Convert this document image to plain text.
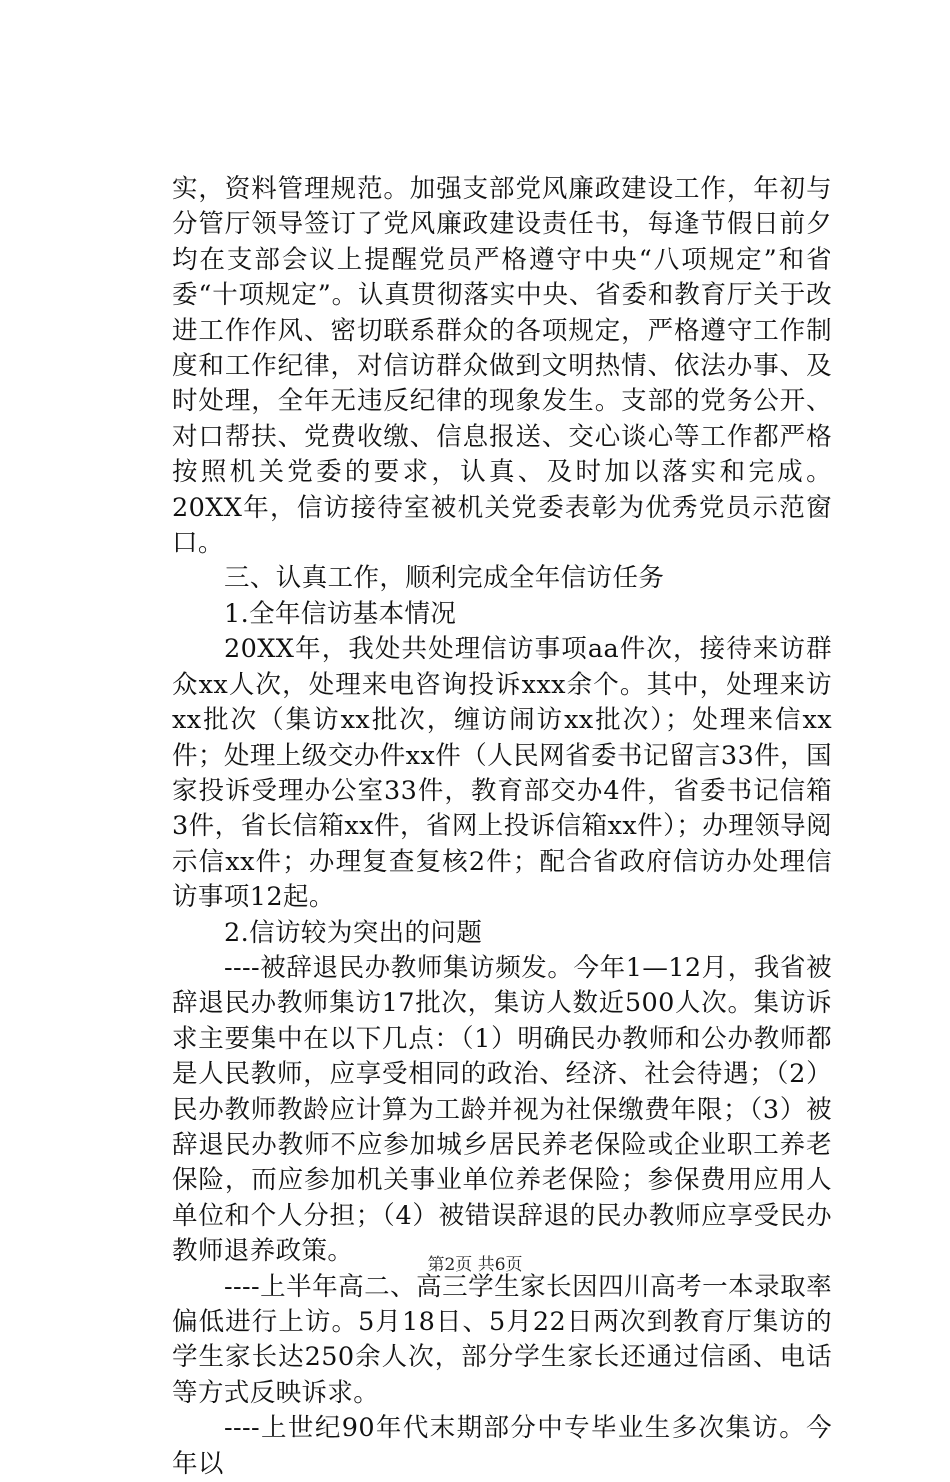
实，资料管理规范。加强支部党风廉政建设工作，年初与分管厅领导签订了党风廉政建设责任书，每逢节假日前夕均在支部会议上提醒党员严格遵守中央“八项规定”和省委“十项规定”。认真贯彻落实中央、省委和教育厅关于改进工作作风、密切联系群众的各项规定，严格遵守工作制度和工作纪律，对信访群众做到文明热情、依法办事、及时处理，全年无违反纪律的现象发生。支部的党务公开、对口帮扶、党费收缴、信息报送、交心谈心等工作都严格按照机关党委的要求，认真、及时加以落实和完成。20XX年，信访接待室被机关党委表彰为优秀党员示范窗口。

三、认真工作，顺利完成全年信访任务

1.全年信访基本情况

20XX年，我处共处理信访事项aa件次，接待来访群众xx人次，处理来电咨询投诉xxx余个。其中，处理来访xx批次（集访xx批次，缠访闹访xx批次）；处理来信xx件；处理上级交办件xx件（人民网省委书记留言33件，国家投诉受理办公室33件，教育部交办4件，省委书记信箱3件，省长信箱xx件，省网上投诉信箱xx件）；办理领导阅示信xx件；办理复查复核2件；配合省政府信访办处理信访事项12起。

2.信访较为突出的问题

----被辞退民办教师集访频发。今年1—12月，我省被辞退民办教师集访17批次，集访人数近500人次。集访诉求主要集中在以下几点：（1）明确民办教师和公办教师都是人民教师，应享受相同的政治、经济、社会待遇；（2）民办教师教龄应计算为工龄并视为社保缴费年限；（3）被辞退民办教师不应参加城乡居民养老保险或企业职工养老保险，而应参加机关事业单位养老保险；参保费用应用人单位和个人分担；（4）被错误辞退的民办教师应享受民办教师退养政策。

----上半年高二、高三学生家长因四川高考一本录取率偏低进行上访。5月18日、5月22日两次到教育厅集访的学生家长达250余人次，部分学生家长还通过信函、电话等方式反映诉求。

----上世纪90年代末期部分中专毕业生多次集访。今年以

第2页 共6页
